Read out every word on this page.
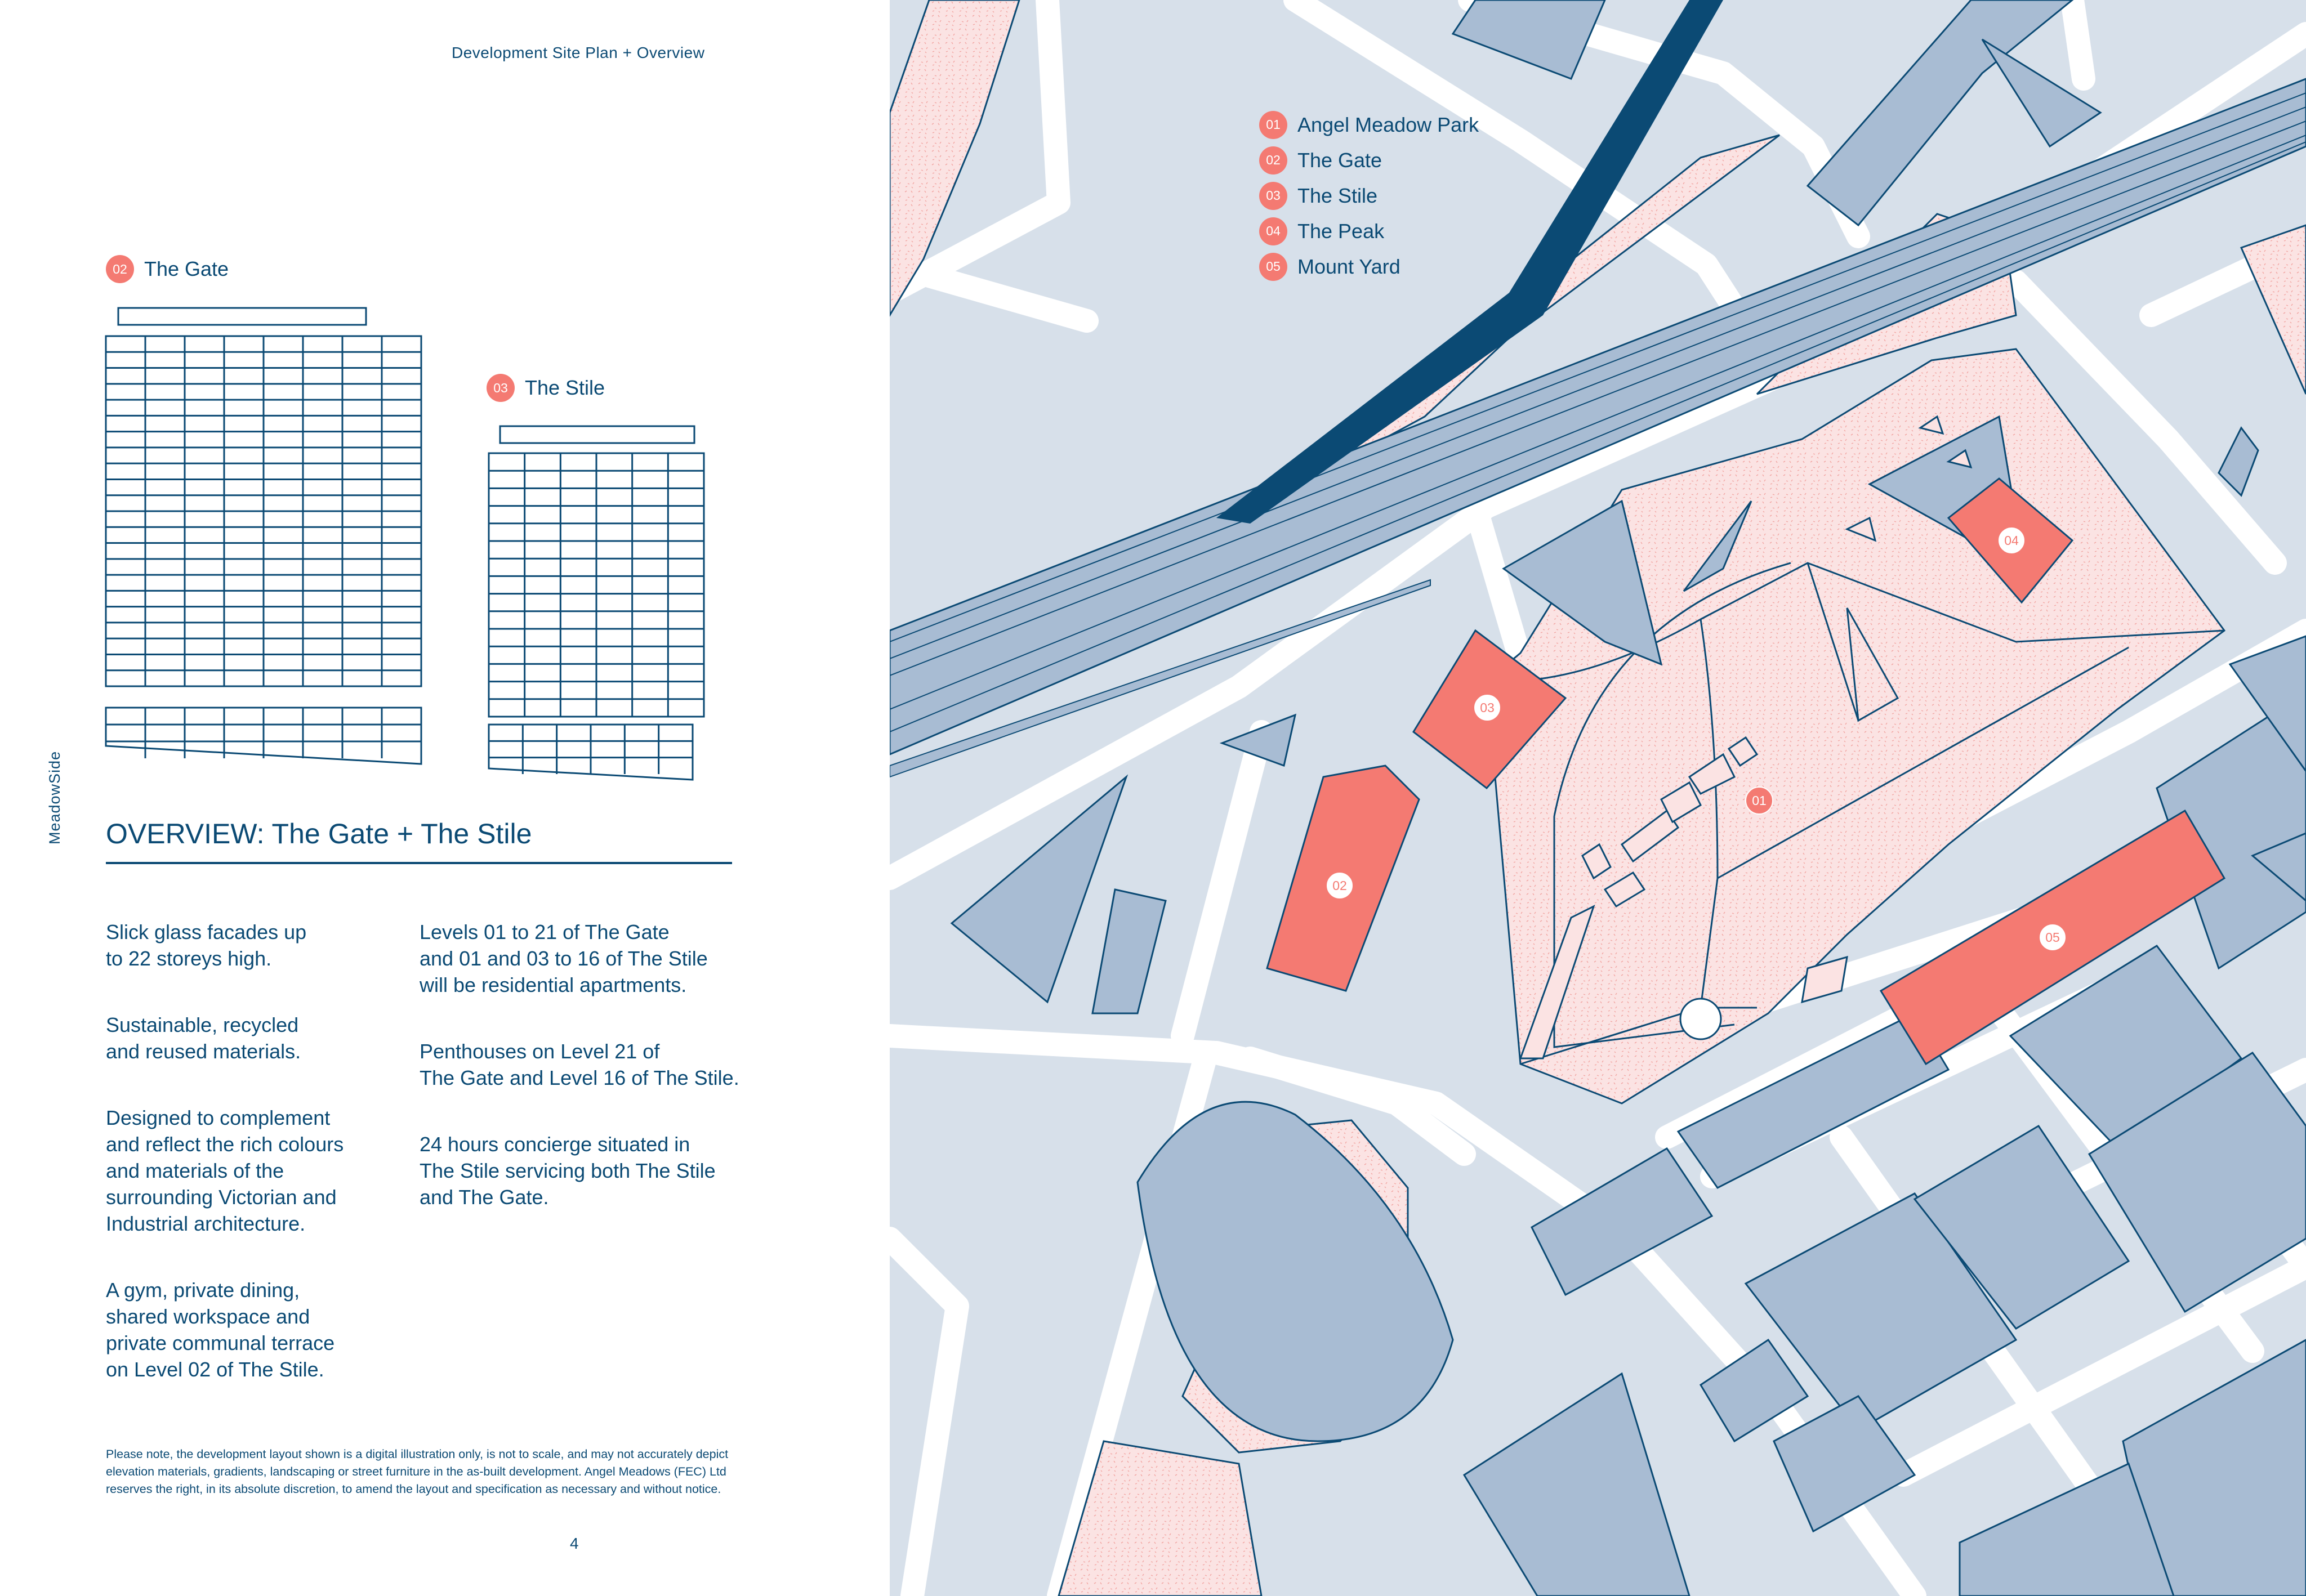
Development Site Plan + Overview
MeadowSide
02 The Gate
03 The Stile
OVERVIEW: The Gate + The Stile

Slick glass facades up
to 22 storeys high.

Sustainable, recycled
and reused materials.

Designed to complement
and reflect the rich colours
and materials of the
surrounding Victorian and
Industrial architecture.

A gym, private dining,
shared workspace and
private communal terrace
on Level 02 of The Stile.

Levels 01 to 21 of The Gate
and 01 and 03 to 16 of The Stile
will be residential apartments.

Penthouses on Level 21 of
The Gate and Level 16 of The Stile.

24 hours concierge situated in
The Stile servicing both The Stile
and The Gate.

Please note, the development layout shown is a digital illustration only, is not to scale, and may not accurately depict
elevation materials, gradients, landscaping or street furniture in the as-built development. Angel Meadows (FEC) Ltd
reserves the right, in its absolute discretion, to amend the layout and specification as necessary and without notice.
4
01 Angel Meadow Park
02 The Gate
03 The Stile
04 The Peak
05 Mount Yard
01
02
03
04
05
